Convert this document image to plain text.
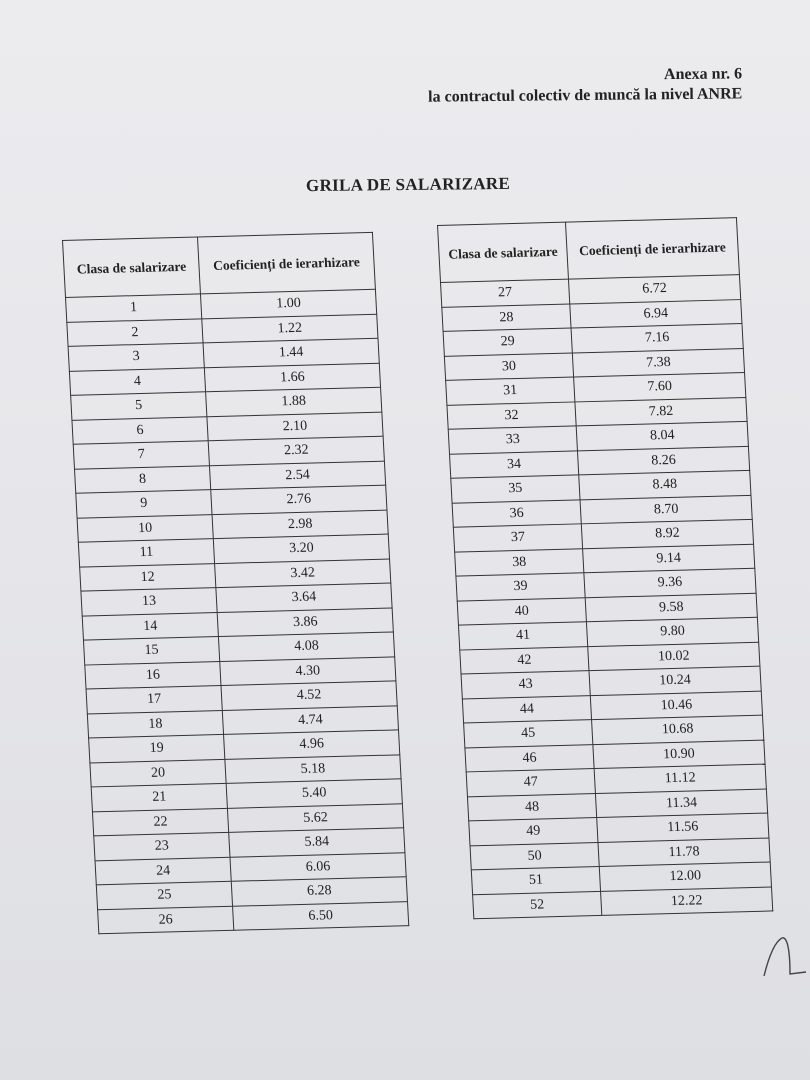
Anexa nr. 6
la contractul colectiv de muncă la nivel ANRE
GRILA DE SALARIZARE
Clasa de salarizare	Coeficienți de ierarhizare
1	1.00
2	1.22
3	1.44
4	1.66
5	1.88
6	2.10
7	2.32
8	2.54
9	2.76
10	2.98
11	3.20
12	3.42
13	3.64
14	3.86
15	4.08
16	4.30
17	4.52
18	4.74
19	4.96
20	5.18
21	5.40
22	5.62
23	5.84
24	6.06
25	6.28
26	6.50
Clasa de salarizare	Coeficienți de ierarhizare
27	6.72
28	6.94
29	7.16
30	7.38
31	7.60
32	7.82
33	8.04
34	8.26
35	8.48
36	8.70
37	8.92
38	9.14
39	9.36
40	9.58
41	9.80
42	10.02
43	10.24
44	10.46
45	10.68
46	10.90
47	11.12
48	11.34
49	11.56
50	11.78
51	12.00
52	12.22
